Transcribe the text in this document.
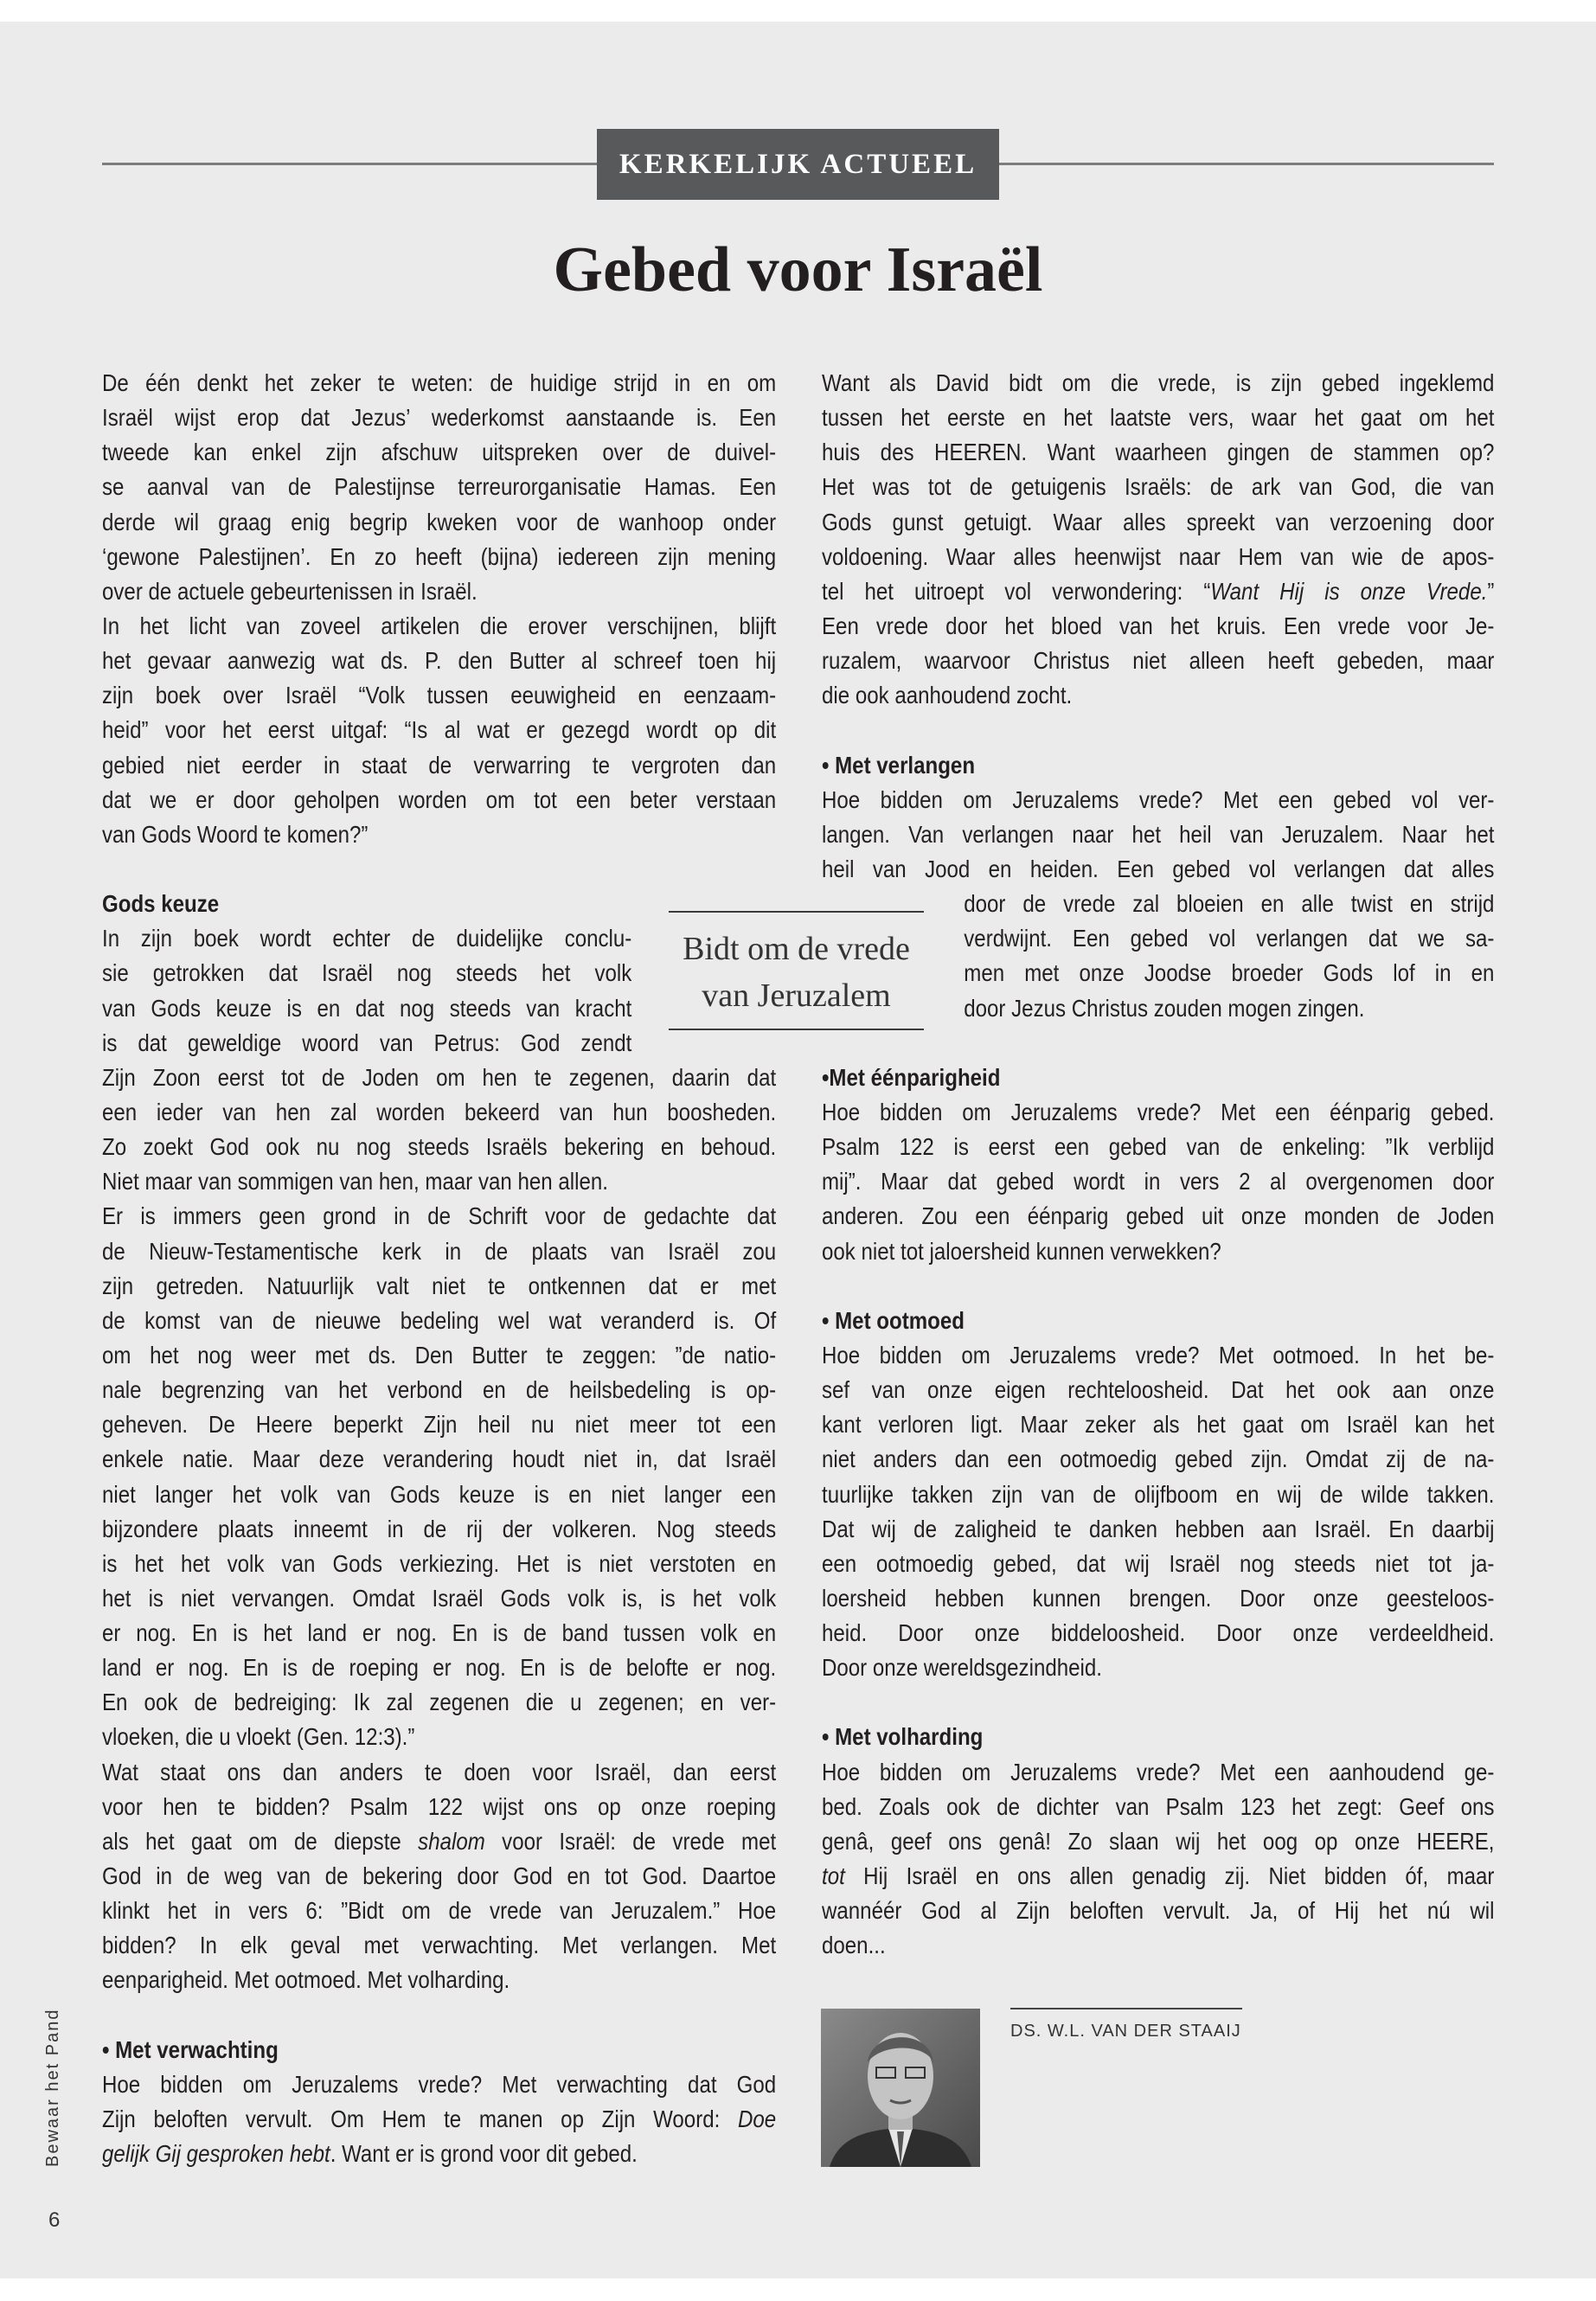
KERKELIJK ACTUEEL
Gebed voor Israël
De één denkt het zeker te weten: de huidige strijd in en om
Israël wijst erop dat Jezus’ wederkomst aanstaande is. Een
tweede kan enkel zijn afschuw uitspreken over de duivel-
se aanval van de Palestijnse terreurorganisatie Hamas. Een
derde wil graag enig begrip kweken voor de wanhoop onder
‘gewone Palestijnen’. En zo heeft (bijna) iedereen zijn mening
over de actuele gebeurtenissen in Israël.
In het licht van zoveel artikelen die erover verschijnen, blijft
het gevaar aanwezig wat ds. P. den Butter al schreef toen hij
zijn boek over Israël “Volk tussen eeuwigheid en eenzaam-
heid” voor het eerst uitgaf: “Is al wat er gezegd wordt op dit
gebied niet eerder in staat de verwarring te vergroten dan
dat we er door geholpen worden om tot een beter verstaan
van Gods Woord te komen?”
Gods keuze
In zijn boek wordt echter de duidelijke conclu-
sie getrokken dat Israël nog steeds het volk
van Gods keuze is en dat nog steeds van kracht
is dat geweldige woord van Petrus: God zendt
Zijn Zoon eerst tot de Joden om hen te zegenen, daarin dat
een ieder van hen zal worden bekeerd van hun boosheden.
Zo zoekt God ook nu nog steeds Israëls bekering en behoud.
Niet maar van sommigen van hen, maar van hen allen.
Er is immers geen grond in de Schrift voor de gedachte dat
de Nieuw-Testamentische kerk in de plaats van Israël zou
zijn getreden. Natuurlijk valt niet te ontkennen dat er met
de komst van de nieuwe bedeling wel wat veranderd is. Of
om het nog weer met ds. Den Butter te zeggen: ”de natio-
nale begrenzing van het verbond en de heilsbedeling is op-
geheven. De Heere beperkt Zijn heil nu niet meer tot een
enkele natie. Maar deze verandering houdt niet in, dat Israël
niet langer het volk van Gods keuze is en niet langer een
bijzondere plaats inneemt in de rij der volkeren. Nog steeds
is het het volk van Gods verkiezing. Het is niet verstoten en
het is niet vervangen. Omdat Israël Gods volk is, is het volk
er nog. En is het land er nog. En is de band tussen volk en
land er nog. En is de roeping er nog. En is de belofte er nog.
En ook de bedreiging: Ik zal zegenen die u zegenen; en ver-
vloeken, die u vloekt (Gen. 12:3).”
Wat staat ons dan anders te doen voor Israël, dan eerst
voor hen te bidden? Psalm 122 wijst ons op onze roeping
als het gaat om de diepste shalom voor Israël: de vrede met
God in de weg van de bekering door God en tot God. Daartoe
klinkt het in vers 6: ”Bidt om de vrede van Jeruzalem.” Hoe
bidden? In elk geval met verwachting. Met verlangen. Met
eenparigheid. Met ootmoed. Met volharding.
• Met verwachting
Hoe bidden om Jeruzalems vrede? Met verwachting dat God
Zijn beloften vervult. Om Hem te manen op Zijn Woord: Doe
gelijk Gij gesproken hebt. Want er is grond voor dit gebed.
Want als David bidt om die vrede, is zijn gebed ingeklemd
tussen het eerste en het laatste vers, waar het gaat om het
huis des HEEREN. Want waarheen gingen de stammen op?
Het was tot de getuigenis Israëls: de ark van God, die van
Gods gunst getuigt. Waar alles spreekt van verzoening door
voldoening. Waar alles heenwijst naar Hem van wie de apos-
tel het uitroept vol verwondering: “Want Hij is onze Vrede.”
Een vrede door het bloed van het kruis. Een vrede voor Je-
ruzalem, waarvoor Christus niet alleen heeft gebeden, maar
die ook aanhoudend zocht.
• Met verlangen
Hoe bidden om Jeruzalems vrede? Met een gebed vol ver-
langen. Van verlangen naar het heil van Jeruzalem. Naar het
heil van Jood en heiden. Een gebed vol verlangen dat alles
door de vrede zal bloeien en alle twist en strijd
verdwijnt. Een gebed vol verlangen dat we sa-
men met onze Joodse broeder Gods lof in en
door Jezus Christus zouden mogen zingen.
•Met éénparigheid
Hoe bidden om Jeruzalems vrede? Met een éénparig gebed.
Psalm 122 is eerst een gebed van de enkeling: ”Ik verblijd
mij”. Maar dat gebed wordt in vers 2 al overgenomen door
anderen. Zou een éénparig gebed uit onze monden de Joden
ook niet tot jaloersheid kunnen verwekken?
• Met ootmoed
Hoe bidden om Jeruzalems vrede? Met ootmoed. In het be-
sef van onze eigen rechteloosheid. Dat het ook aan onze
kant verloren ligt. Maar zeker als het gaat om Israël kan het
niet anders dan een ootmoedig gebed zijn. Omdat zij de na-
tuurlijke takken zijn van de olijfboom en wij de wilde takken.
Dat wij de zaligheid te danken hebben aan Israël. En daarbij
een ootmoedig gebed, dat wij Israël nog steeds niet tot ja-
loersheid hebben kunnen brengen. Door onze geesteloos-
heid. Door onze biddeloosheid. Door onze verdeeldheid.
Door onze wereldsgezindheid.
• Met volharding
Hoe bidden om Jeruzalems vrede? Met een aanhoudend ge-
bed. Zoals ook de dichter van Psalm 123 het zegt: Geef ons
genâ, geef ons genâ! Zo slaan wij het oog op onze HEERE,
tot Hij Israël en ons allen genadig zij. Niet bidden óf, maar
wannéér God al Zijn beloften vervult. Ja, of Hij het nú wil
doen...
Bidt om de vrede
van Jeruzalem
DS. W.L. VAN DER STAAIJ
Bewaar het Pand
6
